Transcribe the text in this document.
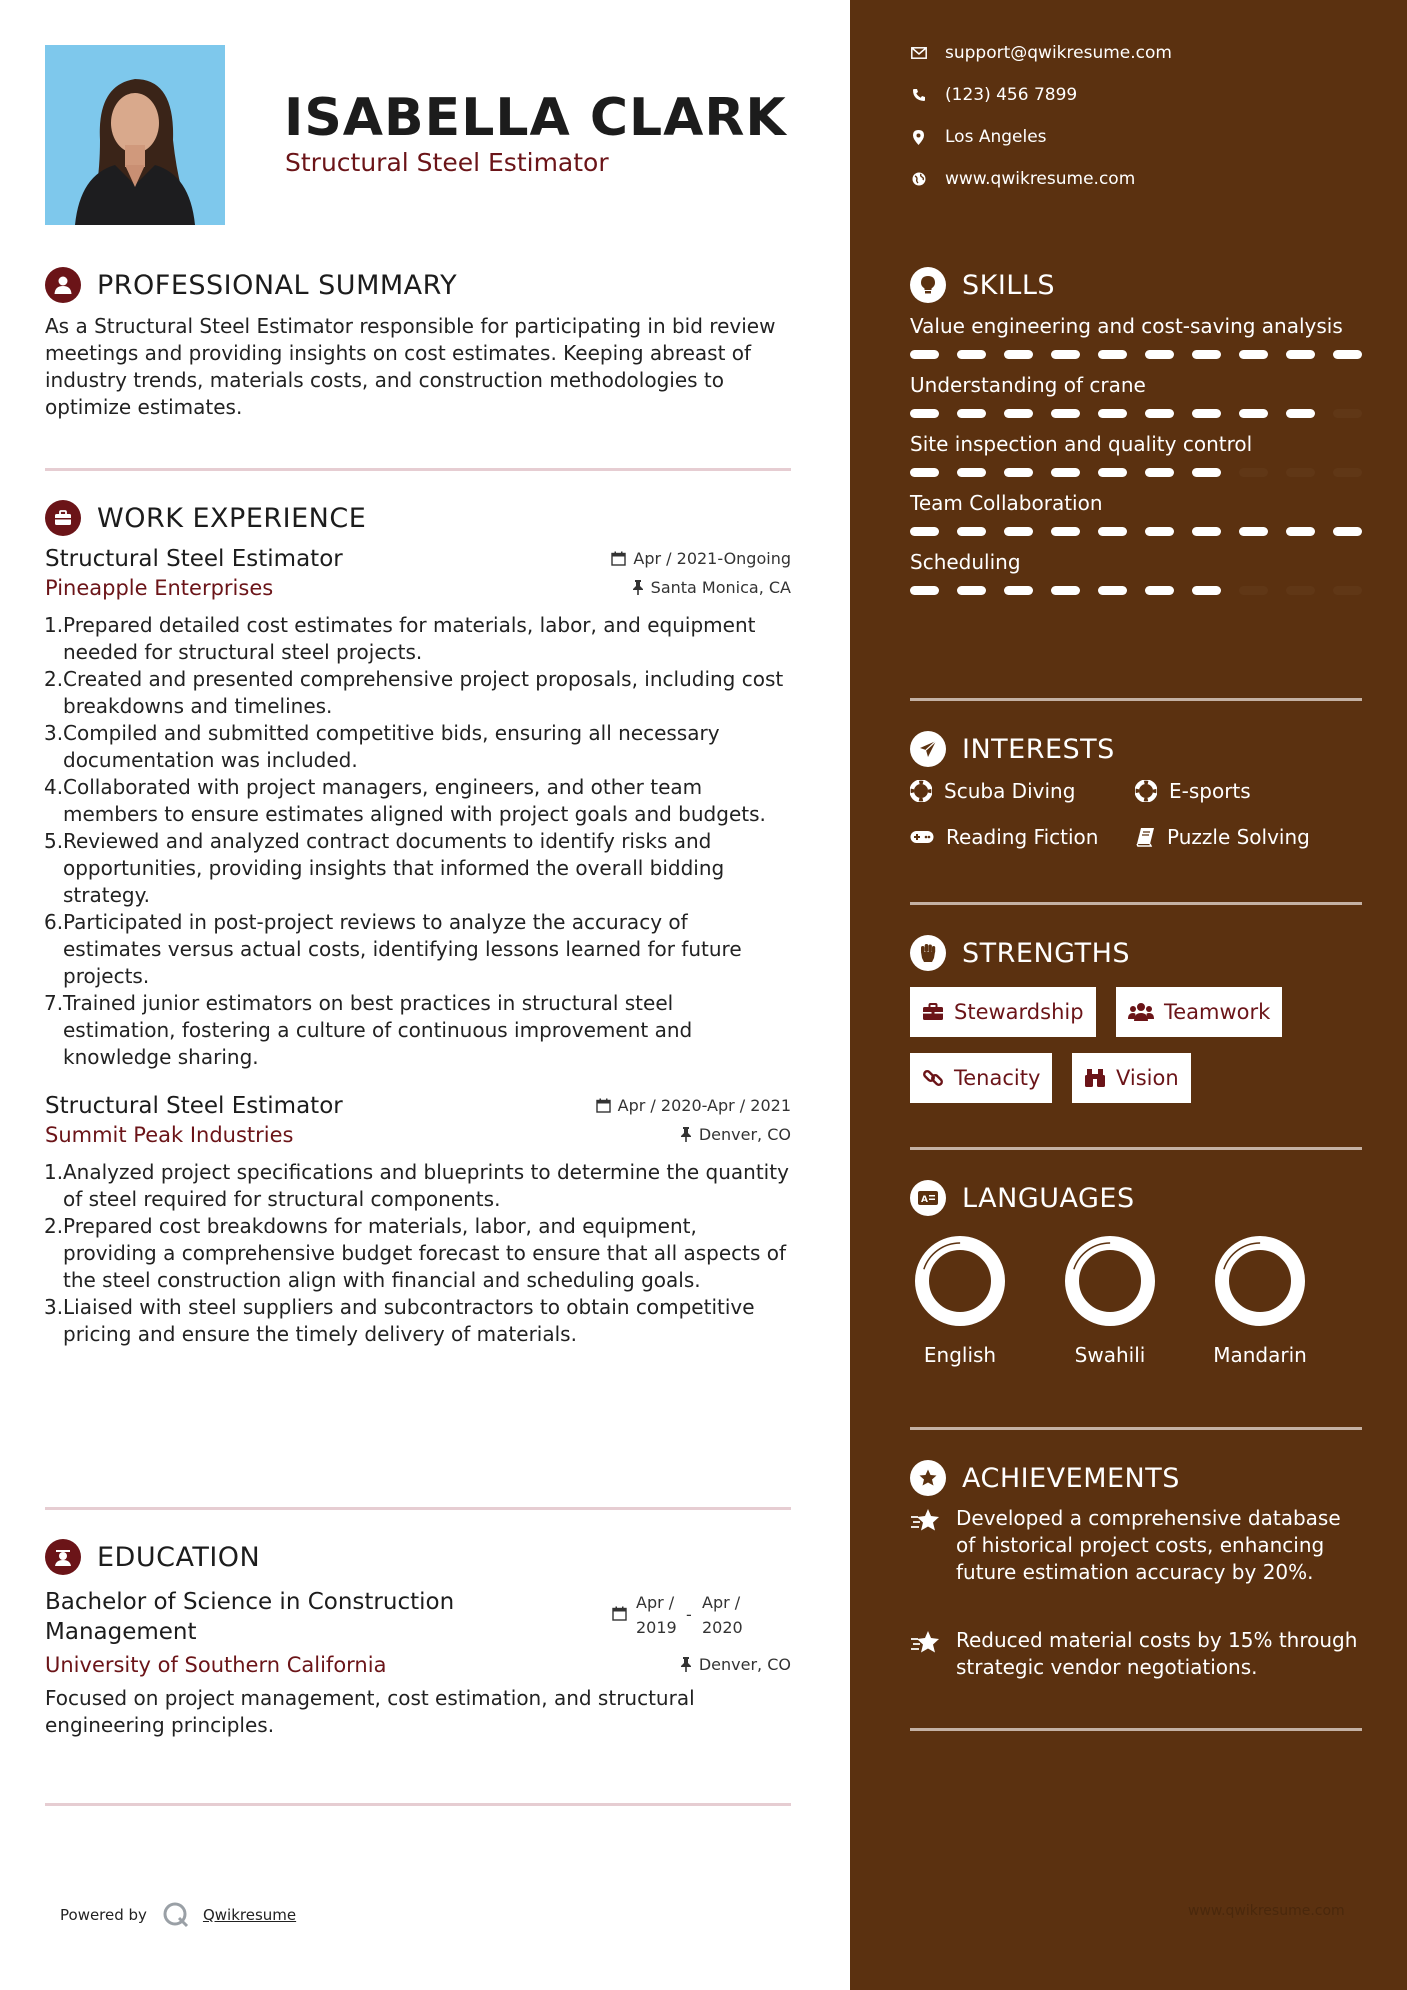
ISABELLA CLARK
Structural Steel Estimator
PROFESSIONAL SUMMARY
As a Structural Steel Estimator responsible for participating in bid review meetings and providing insights on cost estimates. Keeping abreast of industry trends, materials costs, and construction methodologies to optimize estimates.
WORK EXPERIENCE
Structural Steel Estimator	Apr / 2021-Ongoing
Pineapple Enterprises	Santa Monica, CA
1. Prepared detailed cost estimates for materials, labor, and equipment needed for structural steel projects.
2. Created and presented comprehensive project proposals, including cost breakdowns and timelines.
3. Compiled and submitted competitive bids, ensuring all necessary documentation was included.
4. Collaborated with project managers, engineers, and other team members to ensure estimates aligned with project goals and budgets.
5. Reviewed and analyzed contract documents to identify risks and opportunities, providing insights that informed the overall bidding strategy.
6. Participated in post-project reviews to analyze the accuracy of estimates versus actual costs, identifying lessons learned for future projects.
7. Trained junior estimators on best practices in structural steel estimation, fostering a culture of continuous improvement and knowledge sharing.
Structural Steel Estimator	Apr / 2020-Apr / 2021
Summit Peak Industries	Denver, CO
1. Analyzed project specifications and blueprints to determine the quantity of steel required for structural components.
2. Prepared cost breakdowns for materials, labor, and equipment, providing a comprehensive budget forecast to ensure that all aspects of the steel construction align with financial and scheduling goals.
3. Liaised with steel suppliers and subcontractors to obtain competitive pricing and ensure the timely delivery of materials.
EDUCATION
Bachelor of Science in Construction Management
Apr /
2019
-
Apr /
2020
University of Southern California	Denver, CO
Focused on project management, cost estimation, and structural engineering principles.
Powered by	Qwikresume
support@qwikresume.com
(123) 456 7899
Los Angeles
www.qwikresume.com
SKILLS
Value engineering and cost-saving analysis
Understanding of crane
Site inspection and quality control
Team Collaboration
Scheduling
INTERESTS
Scuba Diving	E-sports
Reading Fiction	Puzzle Solving
STRENGTHS
Stewardship	Teamwork
Tenacity	Vision
A LANGUAGES
English	Swahili	Mandarin
ACHIEVEMENTS
Developed a comprehensive database of historical project costs, enhancing future estimation accuracy by 20%.
Reduced material costs by 15% through strategic vendor negotiations.
www.qwikresume.com
